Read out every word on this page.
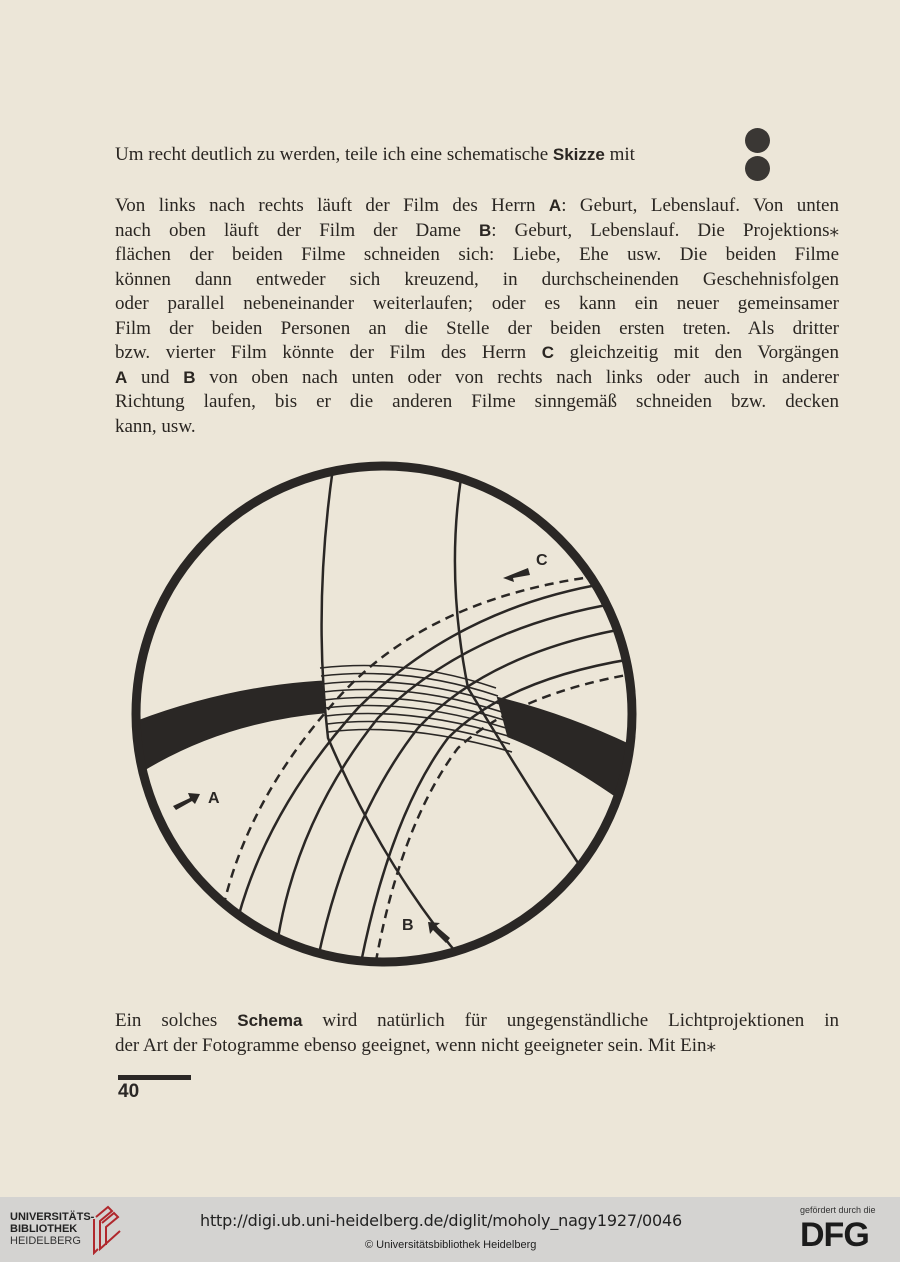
Um recht deutlich zu werden, teile ich eine schematische Skizze mit
Von links nach rechts läuft der Film des Herrn A: Geburt, Lebenslauf. Von unten
nach oben läuft der Film der Dame B: Geburt, Lebenslauf. Die Projektions⁎
flächen der beiden Filme schneiden sich: Liebe, Ehe usw. Die beiden Filme
können dann entweder sich kreuzend, in durchscheinenden Geschehnisfolgen
oder parallel nebeneinander weiterlaufen; oder es kann ein neuer gemeinsamer
Film der beiden Personen an die Stelle der beiden ersten treten. Als dritter
bzw. vierter Film könnte der Film des Herrn C gleichzeitig mit den Vorgängen
A und B von oben nach unten oder von rechts nach links oder auch in anderer
Richtung laufen, bis er die anderen Filme sinngemäß schneiden bzw. decken
kann, usw.
A
B
C
Ein solches Schema wird natürlich für ungegenständliche Lichtprojektionen in
der Art der Fotogramme ebenso geeignet, wenn nicht geeigneter sein. Mit Ein⁎
40
UNIVERSITÄTS-
BIBLIOTHEK
HEIDELBERG
http://digi.ub.uni-heidelberg.de/diglit/moholy_nagy1927/0046
© Universitätsbibliothek Heidelberg
gefördert durch die
DFG
